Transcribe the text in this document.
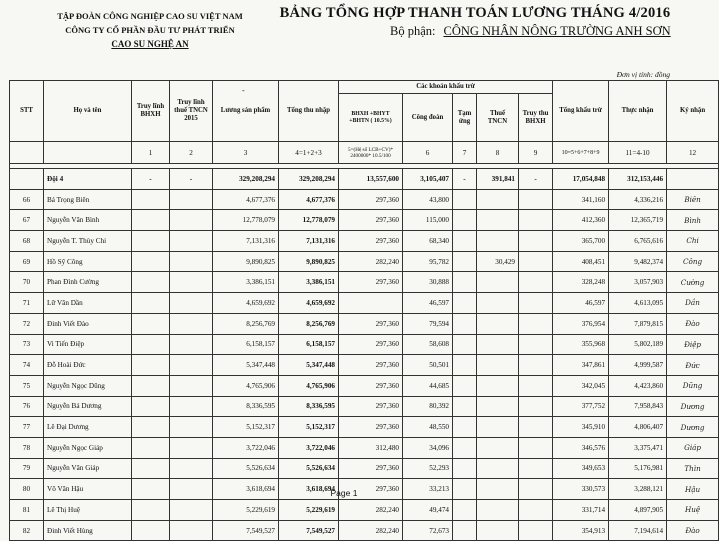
TẬP ĐOÀN CÔNG NGHIỆP CAO SU VIỆT NAM
CÔNG TY CỔ PHẦN ĐẦU TƯ PHÁT TRIỂN
CAO SU NGHỆ AN
BẢNG TỔNG HỢP THANH TOÁN LƯƠNG THÁNG 4/2016
Bộ phận: CÔNG NHÂN NÔNG TRƯỜNG ANH SƠN
Đơn vị tính: đồng
STT	Họ và tên	Truy lĩnh BHXH	Truy lĩnh thuế TNCN 2015	Lương sản phẩm	Tổng thu nhập	Các khoản khấu trừ					Tổng khấu trừ	Thực nhận	Ký nhận
						BHXH +BHYT +BHTN ( 10.5%)	Công đoàn	Tạm ứng	Thuế TNCN	Truy thu BHXH			
		1	2	3	4=1+2+3	5=(Hệ số LCB+CV)* 2400000* 10.5/100	6	7	8	9	10=5+6+7+8+9	11=4-10	12

	Đội 4	-	-	329,208,294	329,208,294	13,557,600	3,105,407	-	391,841	-	17,054,848	312,153,446	
66	Bá Trọng Biên			4,677,376	4,677,376	297,360	43,800				341,160	4,336,216	Biên
67	Nguyễn Văn Bình			12,778,079	12,778,079	297,360	115,000				412,360	12,365,719	Bình
68	Nguyễn T. Thùy Chi			7,131,316	7,131,316	297,360	68,340				365,700	6,765,616	Chi
69	Hồ Sỹ Công			9,890,825	9,890,825	282,240	95,782		30,429		408,451	9,482,374	Công
70	Phan Đình Cường			3,386,151	3,386,151	297,360	30,888				328,248	3,057,903	Cường
71	Lữ Văn Dần			4,659,692	4,659,692		46,597				46,597	4,613,095	Dần
72	Đinh Viết Đào			8,256,769	8,256,769	297,360	79,594				376,954	7,879,815	Đào
73	Vi Tiến Điệp			6,158,157	6,158,157	297,360	58,608				355,968	5,802,189	Điệp
74	Đỗ Hoài Đức			5,347,448	5,347,448	297,360	50,501				347,861	4,999,587	Đức
75	Nguyễn Ngọc Dũng			4,765,906	4,765,906	297,360	44,685				342,045	4,423,860	Dũng
76	Nguyễn Bá Dương			8,336,595	8,336,595	297,360	80,392				377,752	7,958,843	Dương
77	Lê Đại Dương			5,152,317	5,152,317	297,360	48,550				345,910	4,806,407	Dương
78	Nguyễn Ngọc Giáp			3,722,046	3,722,046	312,480	34,096				346,576	3,375,471	Giáp
79	Nguyễn Văn Giáp			5,526,634	5,526,634	297,360	52,293				349,653	5,176,981	Thìn
80	Võ Văn Hậu			3,618,694	3,618,694	297,360	33,213				330,573	3,288,121	Hậu
81	Lê Thị Huệ			5,229,619	5,229,619	282,240	49,474				331,714	4,897,905	Huệ
82	Đinh Viết Hùng			7,549,527	7,549,527	282,240	72,673				354,913	7,194,614	Đào
-
Page 1
